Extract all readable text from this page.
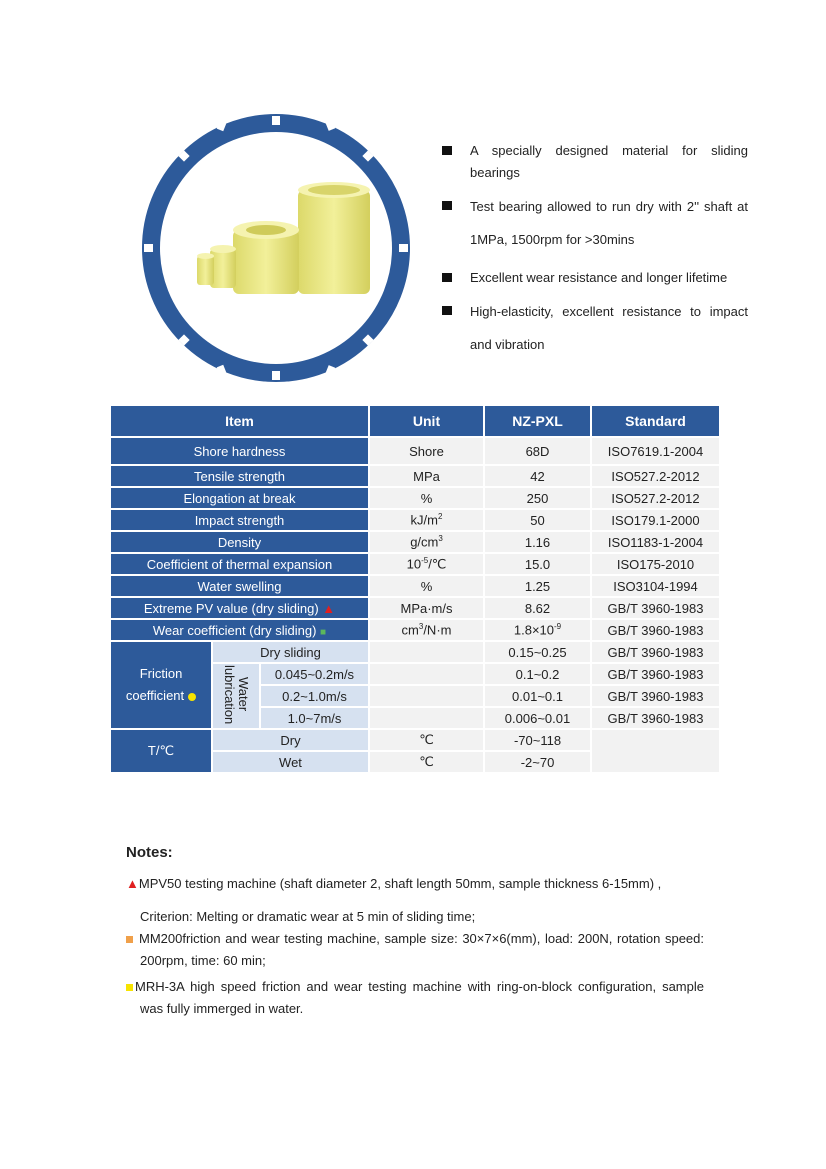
A specially designed material for sliding bearings
Test bearing allowed to run dry with 2'' shaft at 1MPa, 1500rpm for >30mins
Excellent wear resistance and longer lifetime
High-elasticity, excellent resistance to impact and vibration
Item			Unit	NZ-PXL	Standard
Shore hardness			Shore	68D	ISO7619.1-2004
Tensile strength			MPa	42	ISO527.2-2012
Elongation at break			%	250	ISO527.2-2012
Impact strength			$kJ/m^2$	50	ISO179.1-2000
Density			$g/cm^3$	1.16	ISO1183-1-2004
Coefficient of thermal expansion			$10^{-5}/℃$	15.0	ISO175-2010
Water swelling			%	1.25	ISO3104-1994
Extreme PV value (dry sliding) ▲			MPa·m/s	8.62	GB/T 3960-1983
Wear coefficient (dry sliding) ■			$cm^3/N\cdot m$	$1.8\times 10^{-9}$	GB/T 3960-1983
Friction coefficient	Dry sliding			0.15~0.25	GB/T 3960-1983
	Water lubrication	0.045~0.2m/s		0.1~0.2	GB/T 3960-1983
		0.2~1.0m/s		0.01~0.1	GB/T 3960-1983
		1.0~7m/s		0.006~0.01	GB/T 3960-1983
T/℃	Dry		℃	-70~118	
	Wet		℃	-2~70	
Notes:

▲MPV50 testing machine (shaft diameter 2, shaft length 50mm, sample thickness 6-15mm) ,

Criterion: Melting or dramatic wear at 5 min of sliding time;

MM200friction and wear testing machine, sample size: 30×7×6(mm), load: 200N, rotation speed: 200rpm, time: 60 min;

MRH-3A high speed friction and wear testing machine with ring-on-block configuration, sample was fully immerged in water.
